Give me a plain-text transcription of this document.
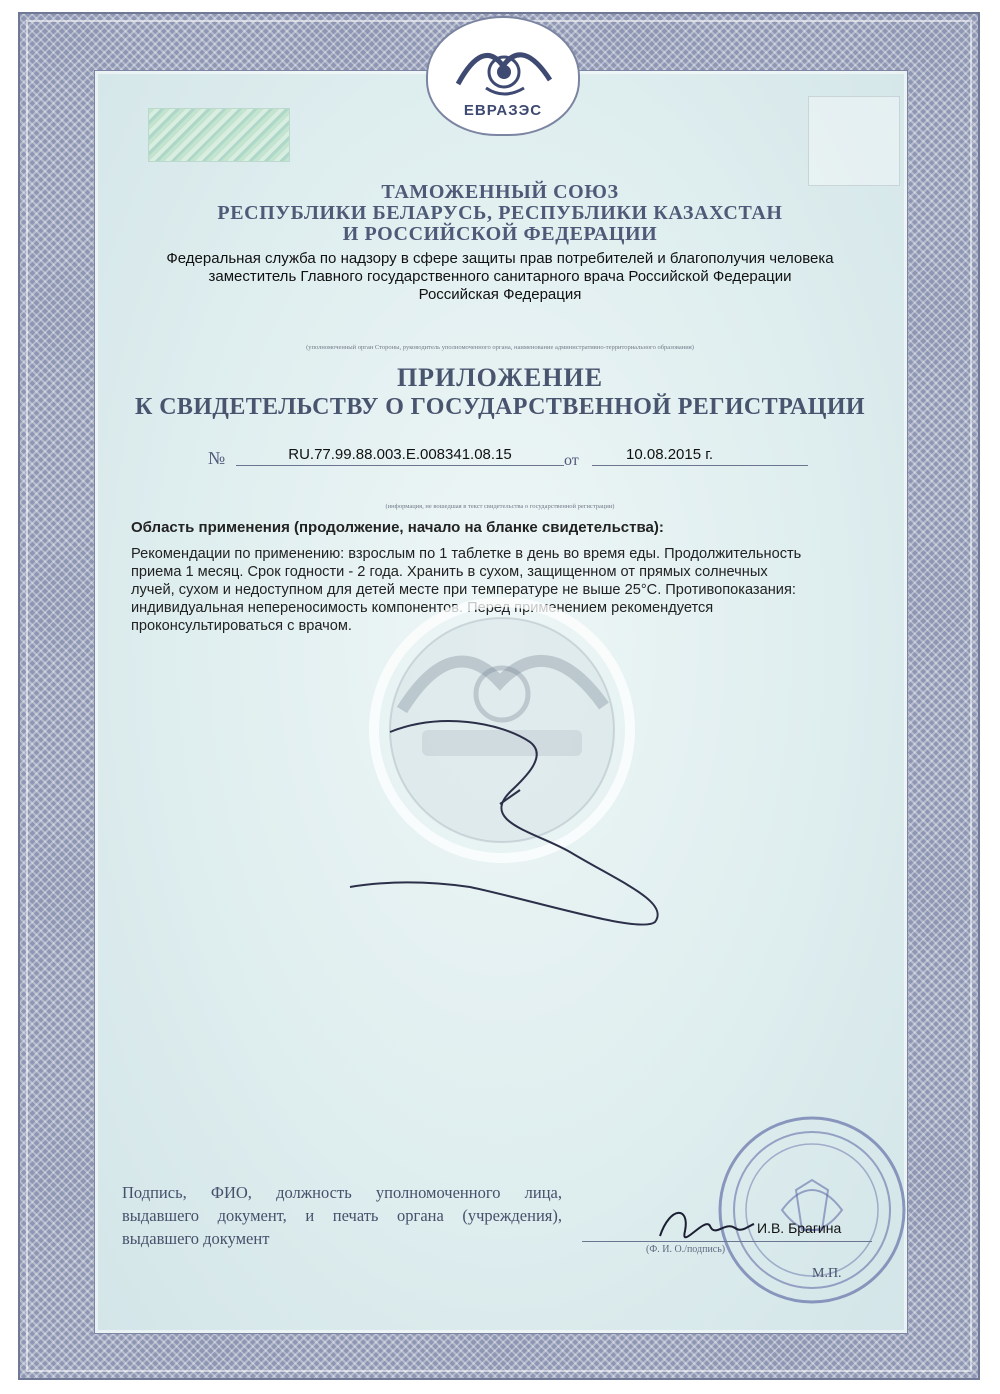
ЕВРАЗЭС
ТАМОЖЕННЫЙ СОЮЗ
РЕСПУБЛИКИ БЕЛАРУСЬ, РЕСПУБЛИКИ КАЗАХСТАН
И РОССИЙСКОЙ ФЕДЕРАЦИИ
Федеральная служба по надзору в сфере защиты прав потребителей и благополучия человека
заместитель Главного государственного санитарного врача Российской Федерации
Российская Федерация
(уполномоченный орган Стороны, руководитель уполномоченного органа, наименование административно-территориального образования)
ПРИЛОЖЕНИЕ
К СВИДЕТЕЛЬСТВУ О ГОСУДАРСТВЕННОЙ РЕГИСТРАЦИИ
№	RU.77.99.88.003.E.008341.08.15	от	10.08.2015 г.
(информация, не вошедшая в текст свидетельства о государственной регистрации)
Область применения (продолжение, начало на бланке свидетельства):
Рекомендации по применению: взрослым по 1 таблетке в день во время еды. Продолжительность
приема 1 месяц. Срок годности - 2 года. Хранить в сухом, защищенном от прямых солнечных
лучей, сухом и недоступном для детей месте при температуре не выше 25°С. Противопоказания:
индивидуальная непереносимость компонентов. Перед применением рекомендуется
проконсультироваться с врачом.
Подпись, ФИО, должность уполномоченного лица, выдавшего документ, и печать органа (учреждения), выдавшего документ
И.В. Брагина
(Ф. И. О./подпись)
М.П.
